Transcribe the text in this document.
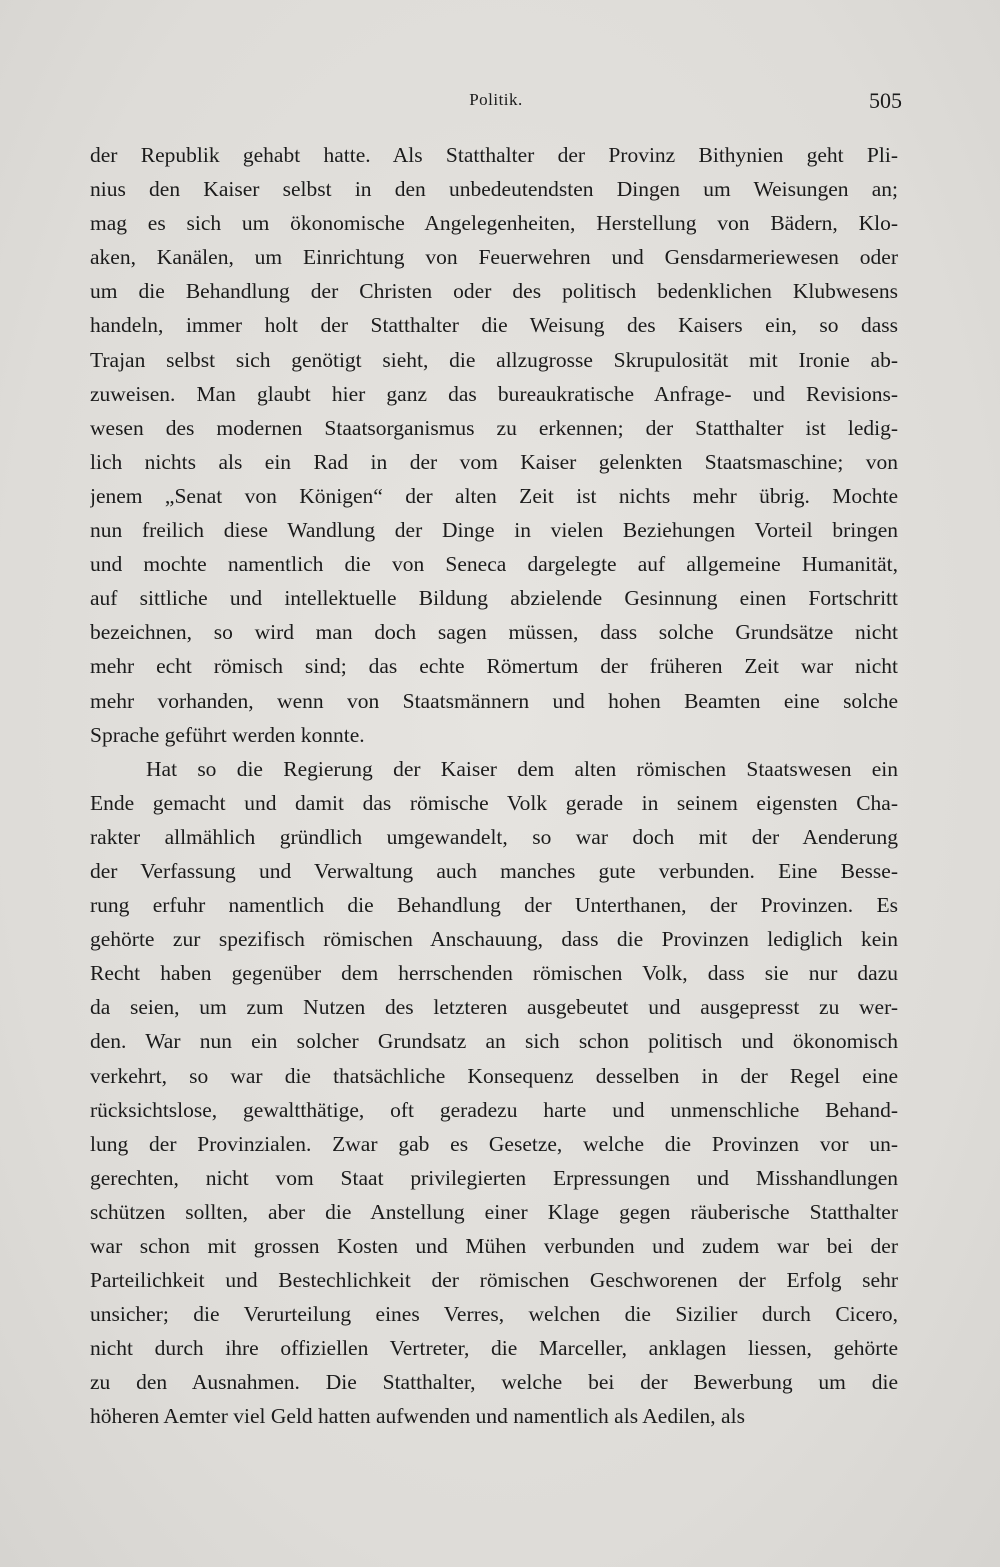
Politik.	505
der Republik gehabt hatte. Als Statthalter der Provinz Bithynien geht Pli-
nius den Kaiser selbst in den unbedeutendsten Dingen um Weisungen an;
mag es sich um ökonomische Angelegenheiten, Herstellung von Bädern, Klo-
aken, Kanälen, um Einrichtung von Feuerwehren und Gensdarmeriewesen oder
um die Behandlung der Christen oder des politisch bedenklichen Klubwesens
handeln, immer holt der Statthalter die Weisung des Kaisers ein, so dass
Trajan selbst sich genötigt sieht, die allzugrosse Skrupulosität mit Ironie ab-
zuweisen. Man glaubt hier ganz das bureaukratische Anfrage- und Revisions-
wesen des modernen Staatsorganismus zu erkennen; der Statthalter ist ledig-
lich nichts als ein Rad in der vom Kaiser gelenkten Staatsmaschine; von
jenem „Senat von Königen“ der alten Zeit ist nichts mehr übrig. Mochte
nun freilich diese Wandlung der Dinge in vielen Beziehungen Vorteil bringen
und mochte namentlich die von Seneca dargelegte auf allgemeine Humanität,
auf sittliche und intellektuelle Bildung abzielende Gesinnung einen Fortschritt
bezeichnen, so wird man doch sagen müssen, dass solche Grundsätze nicht
mehr echt römisch sind; das echte Römertum der früheren Zeit war nicht
mehr vorhanden, wenn von Staatsmännern und hohen Beamten eine solche
Sprache geführt werden konnte.
Hat so die Regierung der Kaiser dem alten römischen Staatswesen ein
Ende gemacht und damit das römische Volk gerade in seinem eigensten Cha-
rakter allmählich gründlich umgewandelt, so war doch mit der Aenderung
der Verfassung und Verwaltung auch manches gute verbunden. Eine Besse-
rung erfuhr namentlich die Behandlung der Unterthanen, der Provinzen. Es
gehörte zur spezifisch römischen Anschauung, dass die Provinzen lediglich kein
Recht haben gegenüber dem herrschenden römischen Volk, dass sie nur dazu
da seien, um zum Nutzen des letzteren ausgebeutet und ausgepresst zu wer-
den. War nun ein solcher Grundsatz an sich schon politisch und ökonomisch
verkehrt, so war die thatsächliche Konsequenz desselben in der Regel eine
rücksichtslose, gewaltthätige, oft geradezu harte und unmenschliche Behand-
lung der Provinzialen. Zwar gab es Gesetze, welche die Provinzen vor un-
gerechten, nicht vom Staat privilegierten Erpressungen und Misshandlungen
schützen sollten, aber die Anstellung einer Klage gegen räuberische Statthalter
war schon mit grossen Kosten und Mühen verbunden und zudem war bei der
Parteilichkeit und Bestechlichkeit der römischen Geschworenen der Erfolg sehr
unsicher; die Verurteilung eines Verres, welchen die Sizilier durch Cicero,
nicht durch ihre offiziellen Vertreter, die Marceller, anklagen liessen, gehörte
zu den Ausnahmen. Die Statthalter, welche bei der Bewerbung um die
höheren Aemter viel Geld hatten aufwenden und namentlich als Aedilen, als
